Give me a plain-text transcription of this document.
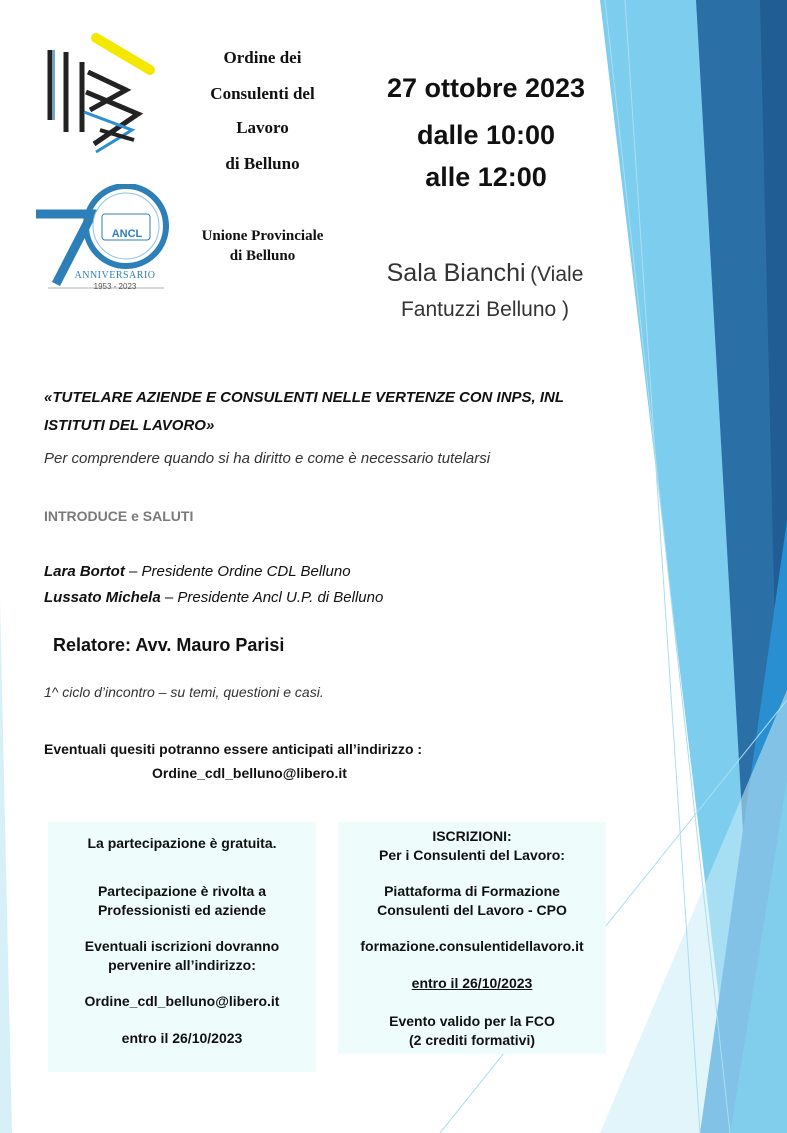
ANCL
ANNIVERSARIO
1953 - 2023
Ordine dei
Consulenti del
Lavoro
di Belluno
Unione Provinciale
di Belluno
27 ottobre 2023
dalle 10:00
alle 12:00
Sala Bianchi (Viale
Fantuzzi Belluno )
«TUTELARE AZIENDE E CONSULENTI NELLE VERTENZE CON INPS, INL
ISTITUTI DEL LAVORO»
Per comprendere quando si ha diritto e come è necessario tutelarsi
INTRODUCE e SALUTI
Lara Bortot – Presidente Ordine CDL Belluno
Lussato Michela – Presidente Ancl U.P. di Belluno
Relatore: Avv. Mauro Parisi
1^ ciclo d’incontro – su temi, questioni e casi.
Eventuali quesiti potranno essere anticipati all’indirizzo :
Ordine_cdl_belluno@libero.it
La partecipazione è gratuita.
Partecipazione è rivolta a
Professionisti ed aziende
Eventuali iscrizioni dovranno
pervenire all’indirizzo:
Ordine_cdl_belluno@libero.it
entro il 26/10/2023
ISCRIZIONI:
Per i Consulenti del Lavoro:
Piattaforma di Formazione
Consulenti del Lavoro - CPO
formazione.consulentidellavoro.it
entro il 26/10/2023
Evento valido per la FCO
(2 crediti formativi)
